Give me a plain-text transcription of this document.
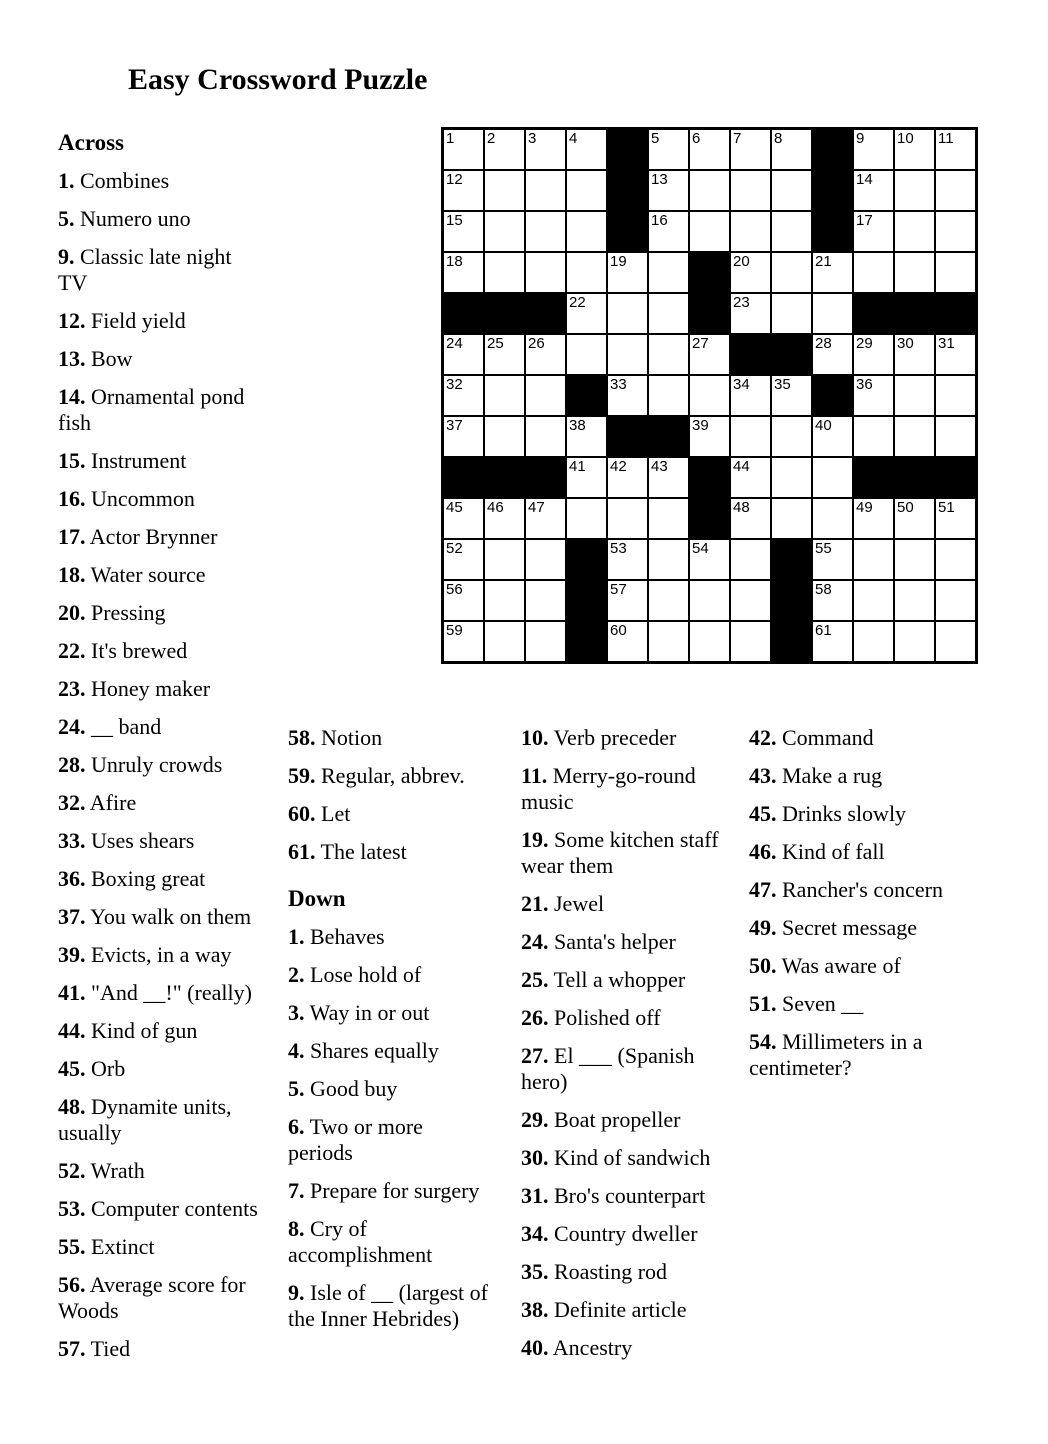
Easy Crossword Puzzle
1 2 3 4	5 6 7 8	9 10 11
12	13	14
15	16	17
18	19	20	21
22	23
24 25 26	27	28 29 30 31
32	33	34 35	36
37	38	39	40
41 42 43	44
45 46 47	48	49 50 51
52	53	54	55
56	57	58
59	60	61
Across

1. Combines

5. Numero uno

9. Classic late night TV

12. Field yield

13. Bow

14. Ornamental pond fish

15. Instrument

16. Uncommon

17. Actor Brynner

18. Water source

20. Pressing

22. It's brewed

23. Honey maker

24. __ band

28. Unruly crowds

32. Afire

33. Uses shears

36. Boxing great

37. You walk on them

39. Evicts, in a way

41. "And __!" (really)

44. Kind of gun

45. Orb

48. Dynamite units, usually

52. Wrath

53. Computer contents

55. Extinct

56. Average score for Woods

57. Tied

58. Notion

59. Regular, abbrev.

60. Let

61. The latest

Down

1. Behaves

2. Lose hold of

3. Way in or out

4. Shares equally

5. Good buy

6. Two or more periods

7. Prepare for surgery

8. Cry of accomplishment

9. Isle of __ (largest of the Inner Hebrides)

10. Verb preceder

11. Merry-go-round music

19. Some kitchen staff wear them

21. Jewel

24. Santa's helper

25. Tell a whopper

26. Polished off

27. El ___ (Spanish hero)

29. Boat propeller

30. Kind of sandwich

31. Bro's counterpart

34. Country dweller

35. Roasting rod

38. Definite article

40. Ancestry

42. Command

43. Make a rug

45. Drinks slowly

46. Kind of fall

47. Rancher's concern

49. Secret message

50. Was aware of

51. Seven __

54. Millimeters in a centimeter?
